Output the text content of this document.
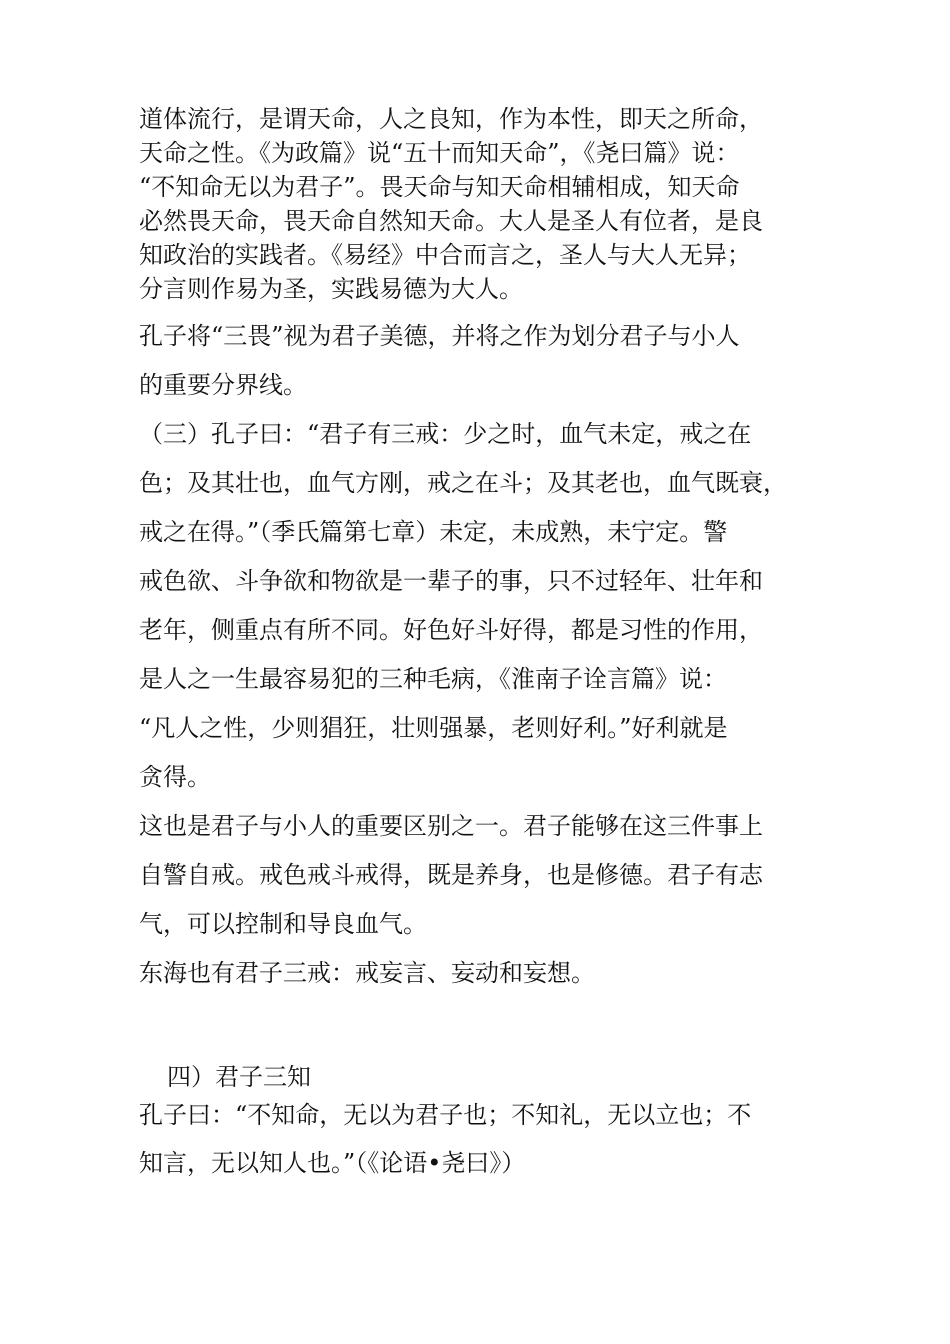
道体流行，是谓天命，人之良知，作为本性，即天之所命，

天命之性。《为政篇》说“五十而知天命”，《尧曰篇》说：

“不知命无以为君子”。畏天命与知天命相辅相成，知天命

必然畏天命，畏天命自然知天命。大人是圣人有位者，是良

知政治的实践者。《易经》中合而言之，圣人与大人无异；

分言则作易为圣，实践易德为大人。

孔子将“三畏”视为君子美德，并将之作为划分君子与小人

的重要分界线。

（三）孔子曰：“君子有三戒：少之时，血气未定，戒之在

色；及其壮也，血气方刚，戒之在斗；及其老也，血气既衰，

戒之在得。”（季氏篇第七章）未定，未成熟，未宁定。警

戒色欲、斗争欲和物欲是一辈子的事，只不过轻年、壮年和

老年，侧重点有所不同。好色好斗好得，都是习性的作用，

是人之一生最容易犯的三种毛病，《淮南子诠言篇》说：

“凡人之性，少则猖狂，壮则强暴，老则好利。”好利就是

贪得。

这也是君子与小人的重要区别之一。君子能够在这三件事上

自警自戒。戒色戒斗戒得，既是养身，也是修德。君子有志

气，可以控制和导良血气。

东海也有君子三戒：戒妄言、妄动和妄想。

四）君子三知

孔子曰：“不知命，无以为君子也；不知礼，无以立也；不

知言，无以知人也。”（《论语•尧曰》）
